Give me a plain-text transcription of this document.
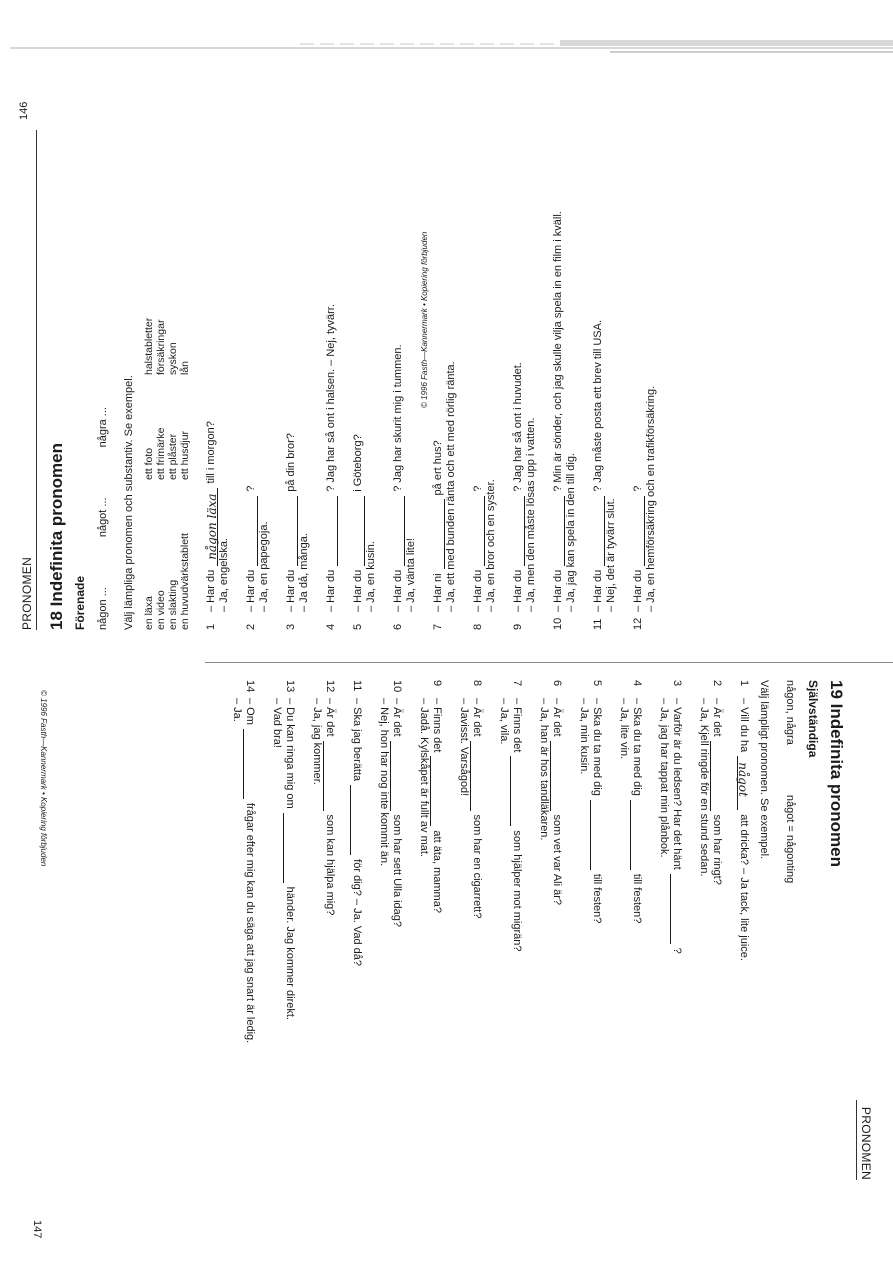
PRONOMEN 18 Indefinita pronomen Förenade någon ...
något ...
några ... Välj lämpliga pronomen och substantiv. Se exempel. en läxa
ett foto
halstabletter
en video
ett frimärke
försäkringar
en slakting
ett plåster
syskon
en huvudvärkstablett
ett husdjur
lån
1
– Har dunågon läxatill i morgon?
– Ja, engelska.
2
– Har du?
– Ja, en papegoja.
3
– Har dupå din bror?
– Ja då, många.
4
– Har du? Jag har så ont i halsen. – Nej, tyvärr.
5
– Har dui Göteborg?
– Ja, en kusin.
6
– Har du? Jag har skurit mig i tummen.
– Ja, vänta lite!
7
– Har nipå ert hus? – Ja, ett med bunden ränta och ett med rörlig ränta.
8
– Har du? – Ja, en bror och en syster.
9
– Har du? Jag har så ont i huvudet. – Ja, men den måste lösas upp i vatten.
10
– Har du? Min är sönder, och jag skulle vilja spela in en film i kväll.
– Ja, jag kan spela in den till dig.
11
– Har du? Jag måste posta ett brev till USA.
– Nej, det är tyvärr slut.
12
– Har du? – Ja, en hemförsäkring och en trafikförsäkring.
© 1996 Fasth—Kannermark • Kopiering förbjuden
146
PRONOMEN
19 Indefinita pronomen
Självständiga
någon, några
något = någonting
Välj lämpligt pronomen. Se exempel.
1
– Vill du hanågotatt dricka? – Ja tack, lite juice.
2
– Är detsom har ringt?
– Ja, Kjell ringde för en stund sedan.
3
– Varför är du ledsen? Har det hänt?
– Ja, jag har tappat min plånbok.
4
– Ska du ta med digtill festen?
– Ja, lite vin.
5
– Ska du ta med digtill festen?
– Ja, min kusin.
6
– Är detsom vet var Ali är?
– Ja, han är hos tandläkaren.
7
– Finns detsom hjälper mot migrän?
– Ja, vila.
8
– Är detsom har en cigarrett?
– Javisst. Varsågod!
9
– Finns detatt äta, mamma?
– Jadå. Kylskåpet är fullt av mat.
10
– Är detsom har sett Ulla idag?
– Nej, hon har nog inte kommit än.
11
– Ska jag berättaför dig? – Ja. Vad då?
12
– Är detsom kan hjälpa mig?
– Ja, jag kommer.
13
– Du kan ringa mig omhänder. Jag kommer direkt.
– Vad bra!
14
– Omfrågar efter mig kan du säga att jag snart är ledig.
– Ja.
© 1996 Fasth—Kannermark • Kopiering förbjuden
147
